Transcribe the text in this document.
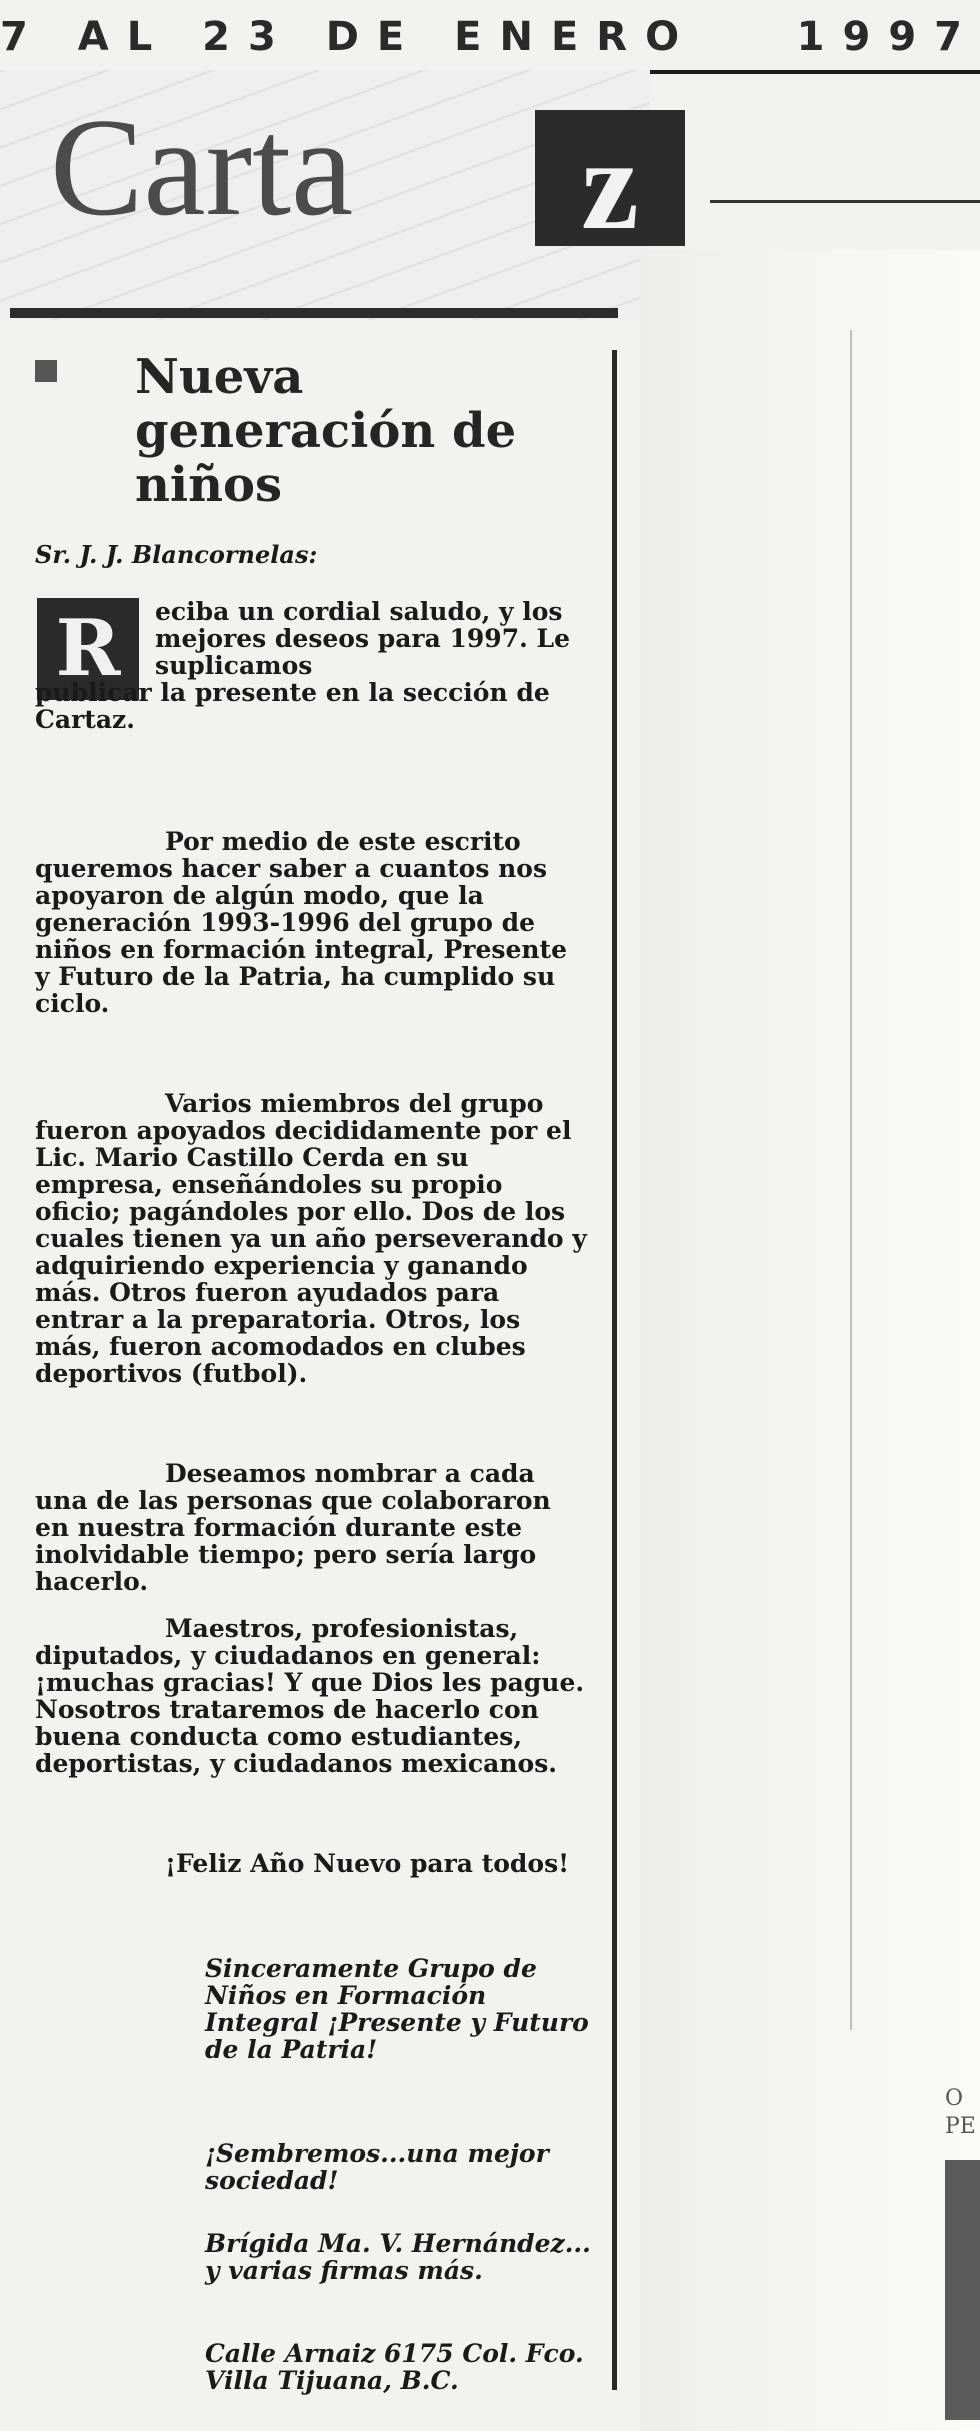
7 AL 23 DE ENERO 1997
Carta	z
O PE
Nueva generación de niños
Sr. J. J. Blancornelas:
R	eciba un cordial saludo, y los mejores deseos para 1997. Le suplicamos
publicar la presente en la sección de Cartaz.
Por medio de este escrito queremos hacer saber a cuantos nos apoyaron de algún modo, que la generación 1993-1996 del grupo de niños en formación integral, Presente y Futuro de la Patria, ha cumplido su ciclo.
Varios miembros del grupo fueron apoyados decididamente por el Lic. Mario Castillo Cerda en su empresa, enseñándoles su propio oficio; pagándoles por ello. Dos de los cuales tienen ya un año perseverando y adquiriendo experiencia y ganando más. Otros fueron ayudados para entrar a la preparatoria. Otros, los más, fueron acomodados en clubes deportivos (futbol).
Deseamos nombrar a cada una de las personas que colaboraron en nuestra formación durante este inolvidable tiempo; pero sería largo hacerlo.
Maestros, profesionistas, diputados, y ciudadanos en general: ¡muchas gracias! Y que Dios les pague. Nosotros trataremos de hacerlo con buena conducta como estudiantes, deportistas, y ciudadanos mexicanos.
¡Feliz Año Nuevo para todos!
Sinceramente Grupo de Niños en Formación Integral ¡Presente y Futuro de la Patria!
¡Sembremos...una mejor sociedad!
Brígida Ma. V. Hernández... y varias firmas más.
Calle Arnaiz 6175 Col. Fco. Villa Tijuana, B.C.
